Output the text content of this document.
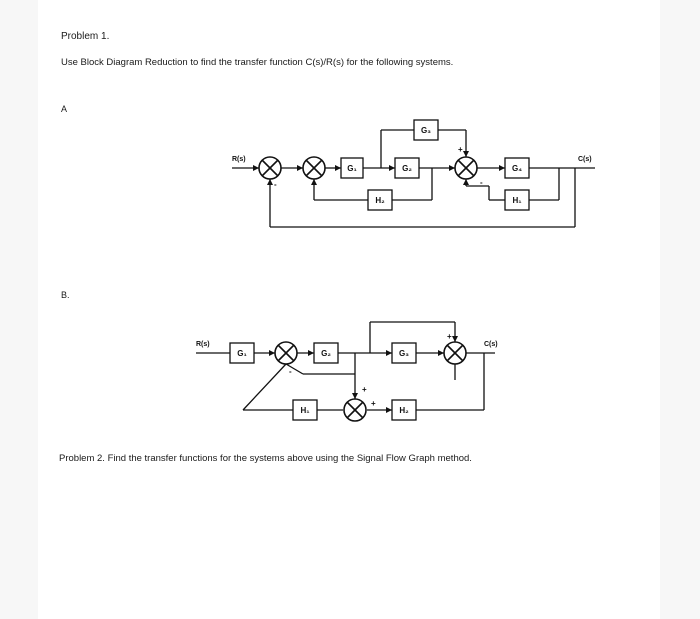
Problem 1.
Use Block Diagram Reduction to find the transfer function C(s)/R(s) for the following systems.
A
B.
Problem 2. Find the transfer functions for the systems above using the Signal Flow Graph method.
G₁	G₂
G₃
G₄
H₂	H₁
R(s)	C(s)
+
-	-
G₁	G₂	G₃
H₁	H₂
R(s)	C(s)
+
-
+
+
